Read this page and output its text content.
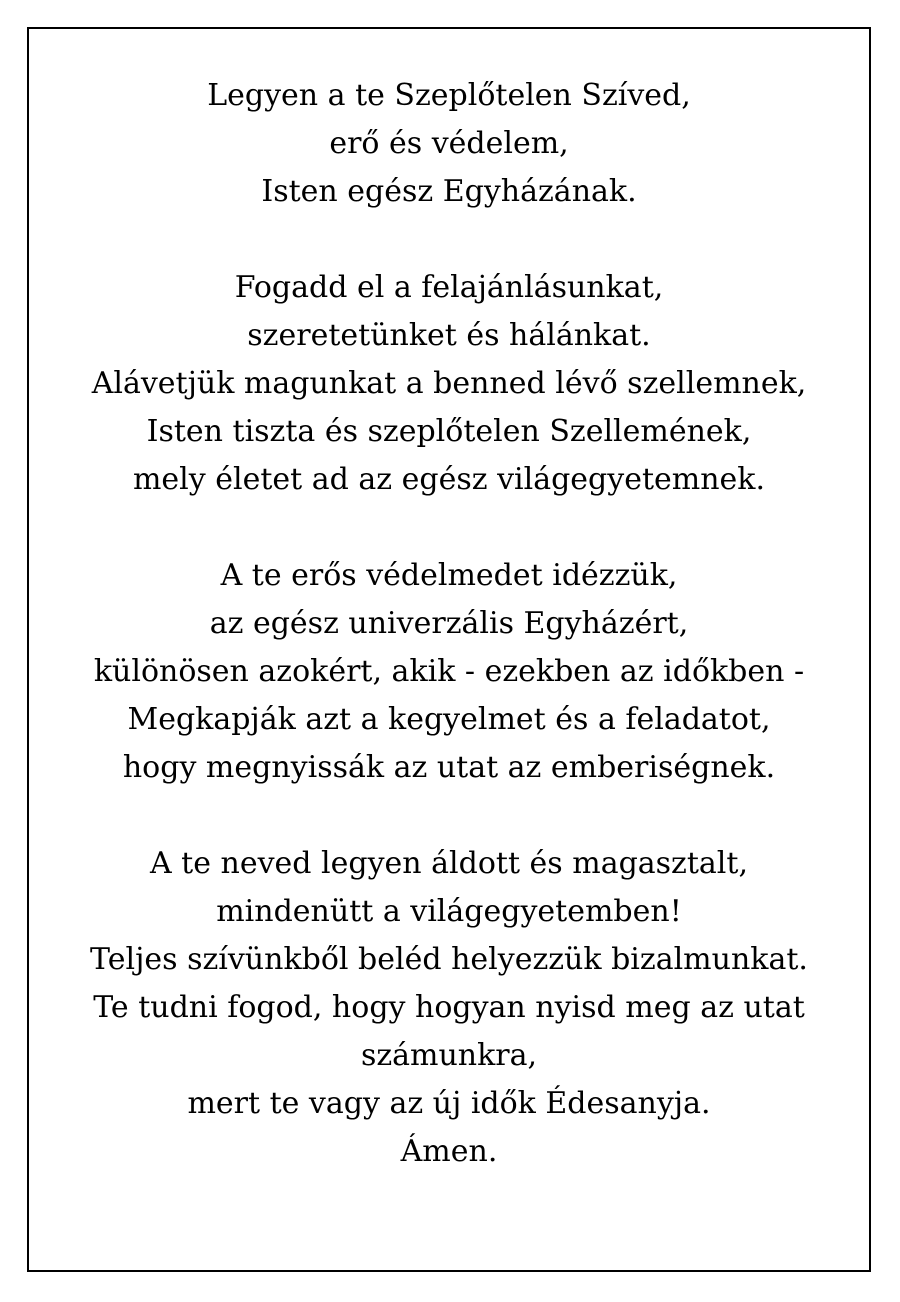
Legyen a te Szeplőtelen Szíved,
erő és védelem,
Isten egész Egyházának.
Fogadd el a felajánlásunkat,
szeretetünket és hálánkat.
Alávetjük magunkat a benned lévő szellemnek,
Isten tiszta és szeplőtelen Szellemének,
mely életet ad az egész világegyetemnek.
A te erős védelmedet idézzük,
az egész univerzális Egyházért,
különösen azokért, akik - ezekben az időkben -
Megkapják azt a kegyelmet és a feladatot,
hogy megnyissák az utat az emberiségnek.
A te neved legyen áldott és magasztalt,
mindenütt a világegyetemben!
Teljes szívünkből beléd helyezzük bizalmunkat.
Te tudni fogod, hogy hogyan nyisd meg az utat
számunkra,
mert te vagy az új idők Édesanyja.
Ámen.
